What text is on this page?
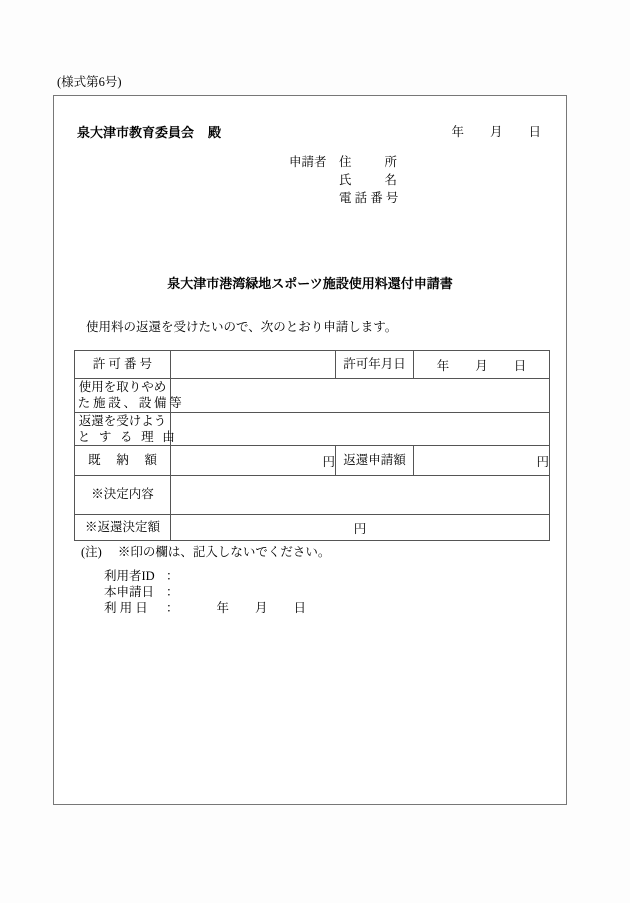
(様式第6号)
泉大津市教育委員会 殿	年 月 日
申請者 住	所
氏	名
電 話 番 号
泉大津市港湾緑地スポーツ施設使用料還付申請書
使用料の返還を受けたいので、次のとおり申請します。
許 可 番 号		許可年月日	年 月 日
使用を取りやめ
た施設、設備等			

返還を受けよう
と す る 理 由			

既 納 額	円	返還申請額	円
※決定内容			
※返還決定額	円		
(注) ※印の欄は、記入しないでください。
利用者ID ：
本申請日 ：
利 用 日	：	年 月 日
